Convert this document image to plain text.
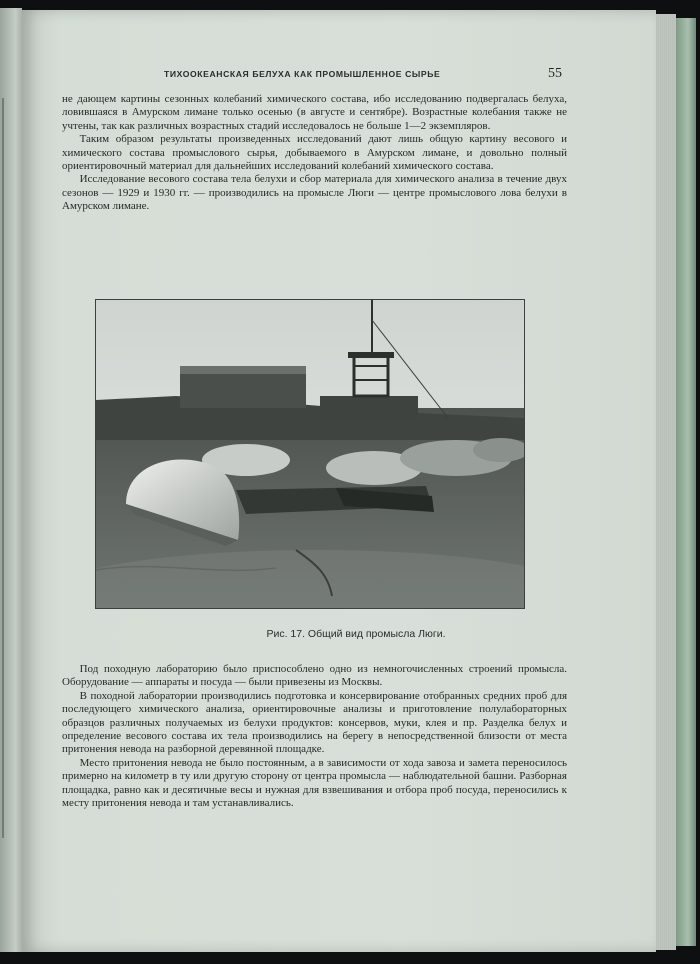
ТИХООКЕАНСКАЯ БЕЛУХА КАК ПРОМЫШЛЕННОЕ СЫРЬЕ	55

не дающем картины сезонных колебаний химического состава, ибо исследованию подвергалась белуха, ловившаяся в Амурском лимане только осенью (в августе и сентябре). Возрастные колебания также не учтены, так как различных возрастных стадий исследовалось не больше 1—2 экземпляров.

Таким образом результаты произведенных исследований дают лишь общую картину весового и химического состава промыслового сырья, добываемого в Амурском лимане, и довольно полный ориентировочный материал для дальнейших исследований колебаний химического состава.

Исследование весового состава тела белухи и сбор материала для химического анализа в течение двух сезонов — 1929 и 1930 гг. — производились на промысле Люги — центре промыслового лова белухи в Амурском лимане.

Рис. 17. Общий вид промысла Люги.

Под походную лабораторию было приспособлено одно из немногочисленных строений промысла. Оборудование — аппараты и посуда — были привезены из Москвы.

В походной лаборатории производились подготовка и консервирование отобранных средних проб для последующего химического анализа, ориентировочные анализы и приготовление полулабораторных образцов различных получаемых из белухи продуктов: консервов, муки, клея и пр. Разделка белух и определение весового состава их тела производились на берегу в непосредственной близости от места притонения невода на разборной деревянной площадке.

Место притонения невода не было постоянным, а в зависимости от хода завоза и замета переносилось примерно на километр в ту или другую сторону от центра промысла — наблюдательной башни. Разборная площадка, равно как и десятичные весы и нужная для взвешивания и отбора проб посуда, переносились к месту притонения невода и там устанавливались.
